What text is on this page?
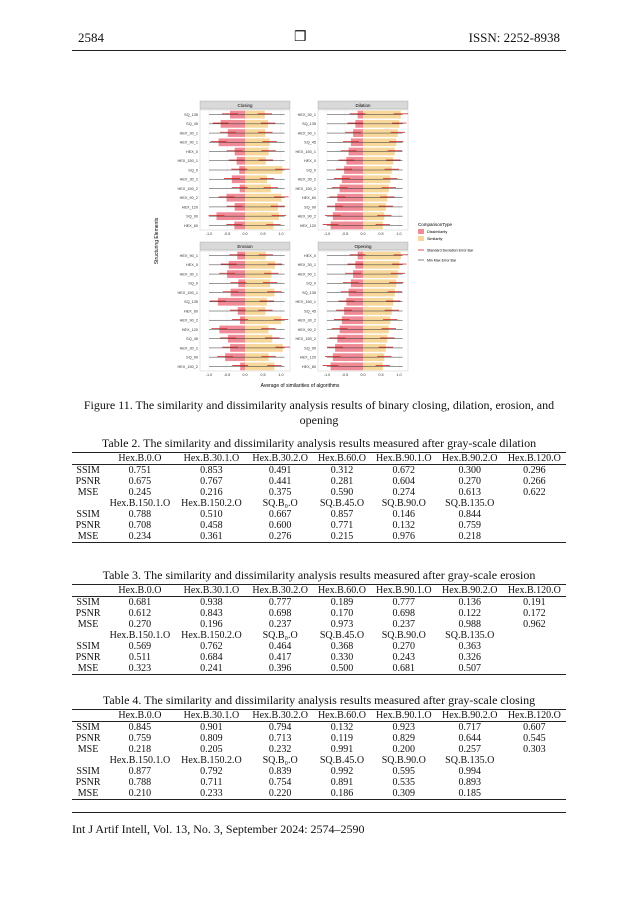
2584	❒	ISSN: 2252-8938
Closing
SQ_135
SQ_45
HEX_30_1
HEX_90_1
HEX_0
HEX_150_1
SQ_0
HEX_30_2
HEX_150_2
HEX_90_2
HEX_120
SQ_90
HEX_60
-1.0	-0.5	0.0	0.5	1.0
Dilation
HEX_30_1
SQ_135
HEX_90_1
SQ_45
HEX_150_1
HEX_0
SQ_0
HEX_30_2
HEX_150_2
HEX_60
SQ_90
HEX_90_2
HEX_120
-1.0	-0.5	0.0	0.5	1.0
Erosion
HEX_90_1
HEX_0
HEX_30_1
SQ_0
HEX_150_1
SQ_135
HEX_60
HEX_90_2
HEX_120
SQ_45
HEX_30_2
SQ_90
HEX_150_2
-1.0	-0.5	0.0	0.5	1.0
Opening
HEX_0
HEX_30_1
HEX_90_1
SQ_0
SQ_135
HEX_150_1
SQ_45
HEX_30_2
HEX_90_2
HEX_150_2
SQ_90
HEX_120
HEX_60
-1.0	-0.5	0.0	0.5	1.0
Structuring Elements
Average of similarities of algorithms
ComparisonType
Dissimilarity
Similarity
Standard Deviation Error Bar
Min Max Error Bar
Figure 11. The similarity and dissimilarity analysis results of binary closing, dilation, erosion, and opening
Table 2. The similarity and dissimilarity analysis results measured after gray-scale dilation
	Hex.B.0.O	Hex.B.30.1.O	Hex.B.30.2.O	Hex.B.60.O	Hex.B.90.1.O	Hex.B.90.2.O	Hex.B.120.O
SSIM	0.751	0.853	0.491	0.312	0.672	0.300	0.296
PSNR	0.675	0.767	0.441	0.281	0.604	0.270	0.266
MSE	0.245	0.216	0.375	0.590	0.274	0.613	0.622
	Hex.B.150.1.O	Hex.B.150.2.O	SQ.B₀.O	SQ.B.45.O	SQ.B.90.O	SQ.B.135.O	
SSIM	0.788	0.510	0.667	0.857	0.146	0.844	
PSNR	0.708	0.458	0.600	0.771	0.132	0.759	
MSE	0.234	0.361	0.276	0.215	0.976	0.218	
Table 3. The similarity and dissimilarity analysis results measured after gray-scale erosion
	Hex.B.0.O	Hex.B.30.1.O	Hex.B.30.2.O	Hex.B.60.O	Hex.B.90.1.O	Hex.B.90.2.O	Hex.B.120.O
SSIM	0.681	0.938	0.777	0.189	0.777	0.136	0.191
PSNR	0.612	0.843	0.698	0.170	0.698	0.122	0.172
MSE	0.270	0.196	0.237	0.973	0.237	0.988	0.962
	Hex.B.150.1.O	Hex.B.150.2.O	SQ.B₀.O	SQ.B.45.O	SQ.B.90.O	SQ.B.135.O	
SSIM	0.569	0.762	0.464	0.368	0.270	0.363	
PSNR	0.511	0.684	0.417	0.330	0.243	0.326	
MSE	0.323	0.241	0.396	0.500	0.681	0.507	
Table 4. The similarity and dissimilarity analysis results measured after gray-scale closing
	Hex.B.0.O	Hex.B.30.1.O	Hex.B.30.2.O	Hex.B.60.O	Hex.B.90.1.O	Hex.B.90.2.O	Hex.B.120.O
SSIM	0.845	0.901	0.794	0.132	0.923	0.717	0.607
PSNR	0.759	0.809	0.713	0.119	0.829	0.644	0.545
MSE	0.218	0.205	0.232	0.991	0.200	0.257	0.303
	Hex.B.150.1.O	Hex.B.150.2.O	SQ.B₀.O	SQ.B.45.O	SQ.B.90.O	SQ.B.135.O	
SSIM	0.877	0.792	0.839	0.992	0.595	0.994	
PSNR	0.788	0.711	0.754	0.891	0.535	0.893	
MSE	0.210	0.233	0.220	0.186	0.309	0.185	
Int J Artif Intell, Vol. 13, No. 3, September 2024: 2574–2590
